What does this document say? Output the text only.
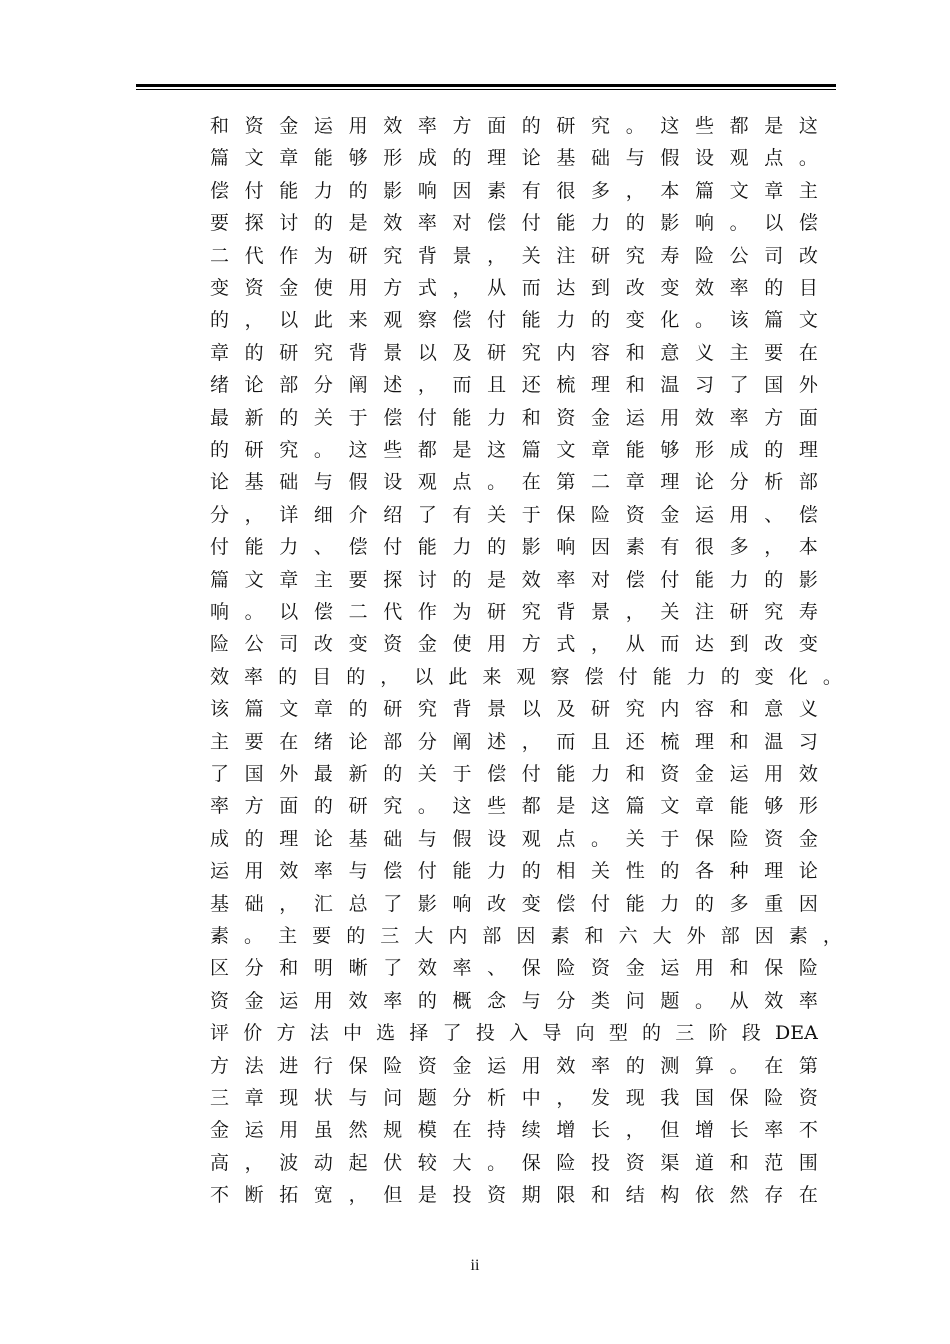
和 资 金 运 用 效 率 方 面 的 研 究 。 这 些 都 是 这
篇 文 章 能 够 形 成 的 理 论 基 础 与 假 设 观 点 。
偿 付 能 力 的 影 响 因 素 有 很 多 ， 本 篇 文 章 主
要 探 讨 的 是 效 率 对 偿 付 能 力 的 影 响 。 以 偿
二 代 作 为 研 究 背 景 ， 关 注 研 究 寿 险 公 司 改
变 资 金 使 用 方 式 ， 从 而 达 到 改 变 效 率 的 目
的 ， 以 此 来 观 察 偿 付 能 力 的 变 化 。 该 篇 文
章 的 研 究 背 景 以 及 研 究 内 容 和 意 义 主 要 在
绪 论 部 分 阐 述 ， 而 且 还 梳 理 和 温 习 了 国 外
最 新 的 关 于 偿 付 能 力 和 资 金 运 用 效 率 方 面
的 研 究 。 这 些 都 是 这 篇 文 章 能 够 形 成 的 理
论 基 础 与 假 设 观 点 。 在 第 二 章 理 论 分 析 部
分 ， 详 细 介 绍 了 有 关 于 保 险 资 金 运 用 、 偿
付 能 力 、 偿 付 能 力 的 影 响 因 素 有 很 多 ， 本
篇 文 章 主 要 探 讨 的 是 效 率 对 偿 付 能 力 的 影
响 。 以 偿 二 代 作 为 研 究 背 景 ， 关 注 研 究 寿
险 公 司 改 变 资 金 使 用 方 式 ， 从 而 达 到 改 变
效 率 的 目 的 ， 以 此 来 观 察 偿 付 能 力 的 变 化 。
该 篇 文 章 的 研 究 背 景 以 及 研 究 内 容 和 意 义
主 要 在 绪 论 部 分 阐 述 ， 而 且 还 梳 理 和 温 习
了 国 外 最 新 的 关 于 偿 付 能 力 和 资 金 运 用 效
率 方 面 的 研 究 。 这 些 都 是 这 篇 文 章 能 够 形
成 的 理 论 基 础 与 假 设 观 点 。 关 于 保 险 资 金
运 用 效 率 与 偿 付 能 力 的 相 关 性 的 各 种 理 论
基 础 ， 汇 总 了 影 响 改 变 偿 付 能 力 的 多 重 因
素 。 主 要 的 三 大 内 部 因 素 和 六 大 外 部 因 素 ，
区 分 和 明 晰 了 效 率 、 保 险 资 金 运 用 和 保 险
资 金 运 用 效 率 的 概 念 与 分 类 问 题 。 从 效 率
评 价 方 法 中 选 择 了 投 入 导 向 型 的 三 阶 段 DEA
方 法 进 行 保 险 资 金 运 用 效 率 的 测 算 。 在 第
三 章 现 状 与 问 题 分 析 中 ， 发 现 我 国 保 险 资
金 运 用 虽 然 规 模 在 持 续 增 长 ， 但 增 长 率 不
高 ， 波 动 起 伏 较 大 。 保 险 投 资 渠 道 和 范 围
不 断 拓 宽 ， 但 是 投 资 期 限 和 结 构 依 然 存 在
ii
